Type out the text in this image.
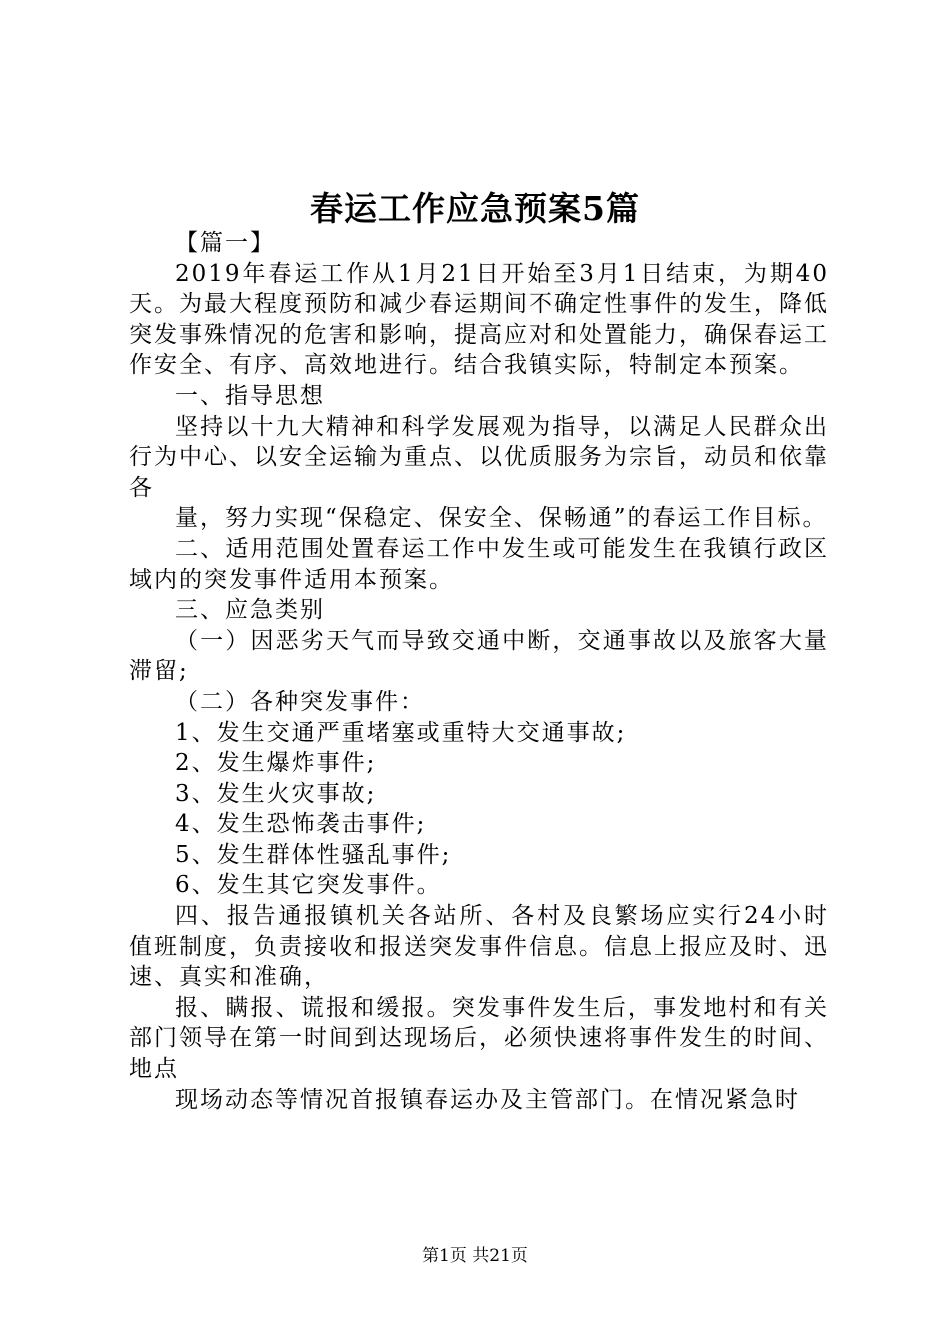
春运工作应急预案5篇

【篇一】

2019年春运工作从1月21日开始至3月1日结束，为期40天。为最大程度预防和减少春运期间不确定性事件的发生，降低突发事殊情况的危害和影响，提高应对和处置能力，确保春运工作安全、有序、高效地进行。结合我镇实际，特制定本预案。

一、指导思想

坚持以十九大精神和科学发展观为指导，以满足人民群众出行为中心、以安全运输为重点、以优质服务为宗旨，动员和依靠各

量，努力实现“保稳定、保安全、保畅通”的春运工作目标。

二、适用范围处置春运工作中发生或可能发生在我镇行政区域内的突发事件适用本预案。

三、应急类别

（一）因恶劣天气而导致交通中断，交通事故以及旅客大量滞留;

（二）各种突发事件：

1、发生交通严重堵塞或重特大交通事故;

2、发生爆炸事件;

3、发生火灾事故;

4、发生恐怖袭击事件;

5、发生群体性骚乱事件;

6、发生其它突发事件。

四、报告通报镇机关各站所、各村及良繁场应实行24小时值班制度，负责接收和报送突发事件信息。信息上报应及时、迅速、真实和准确，

报、瞒报、谎报和缓报。突发事件发生后，事发地村和有关部门领导在第一时间到达现场后，必须快速将事件发生的时间、地点

现场动态等情况首报镇春运办及主管部门。在情况紧急时

第1页 共21页
